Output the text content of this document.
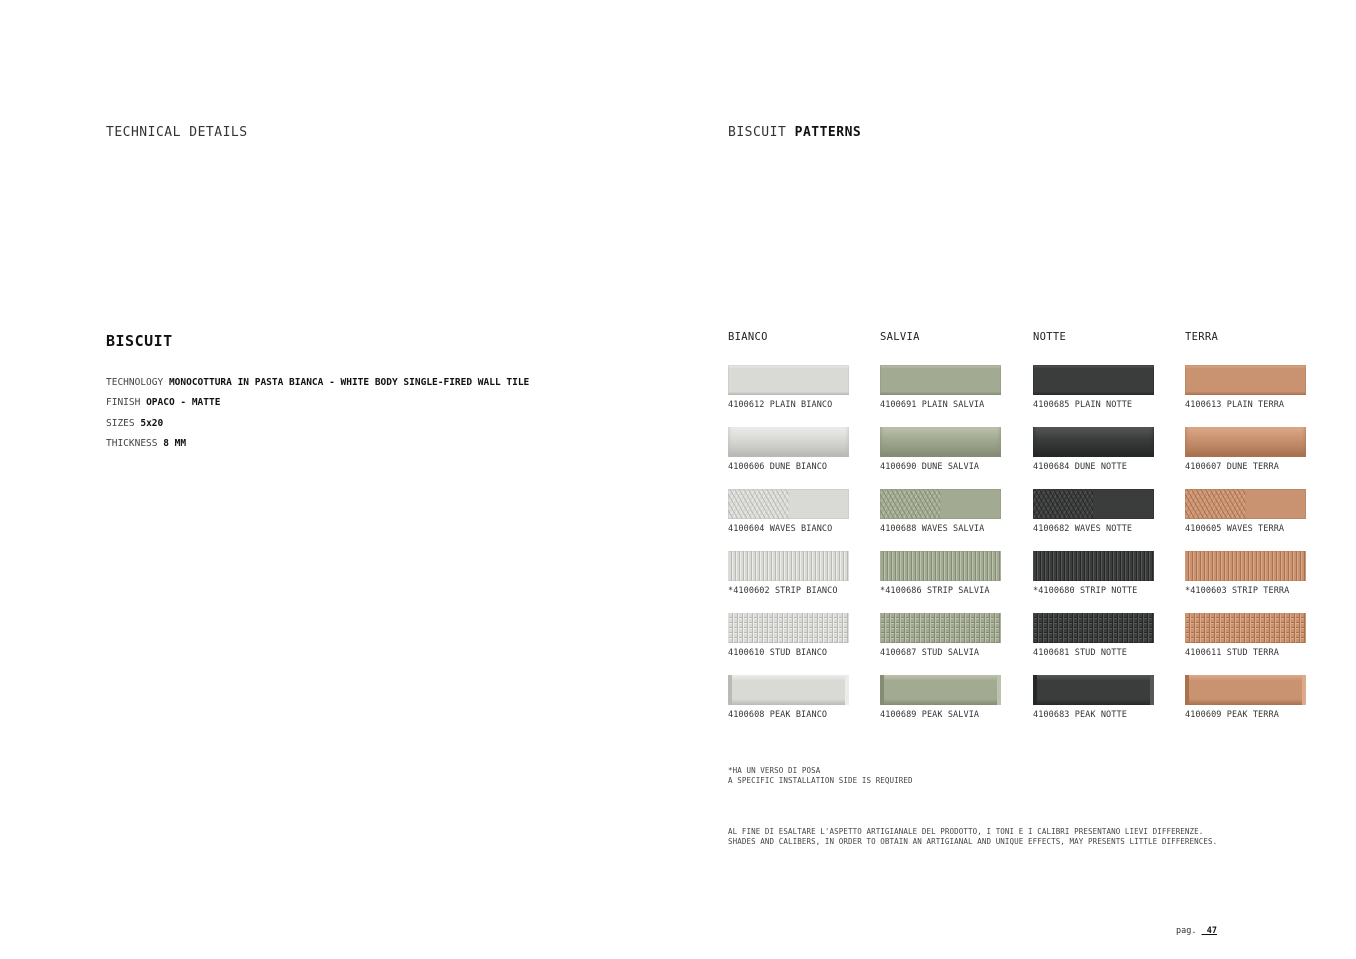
TECHNICAL DETAILS	BISCUIT PATTERNS
BISCUIT
TECHNOLOGY MONOCOTTURA IN PASTA BIANCA - WHITE BODY SINGLE-FIRED WALL TILE
FINISH OPACO - MATTE
SIZES 5x20
THICKNESS 8 MM
BIANCO	SALVIA	NOTTE	TERRA
4100612 PLAIN BIANCO	4100691 PLAIN SALVIA	4100685 PLAIN NOTTE	4100613 PLAIN TERRA
4100606 DUNE BIANCO	4100690 DUNE SALVIA	4100684 DUNE NOTTE	4100607 DUNE TERRA
4100604 WAVES BIANCO	4100688 WAVES SALVIA	4100682 WAVES NOTTE	4100605 WAVES TERRA
*4100602 STRIP BIANCO	*4100686 STRIP SALVIA	*4100680 STRIP NOTTE	*4100603 STRIP TERRA
4100610 STUD BIANCO	4100687 STUD SALVIA	4100681 STUD NOTTE	4100611 STUD TERRA
4100608 PEAK BIANCO	4100689 PEAK SALVIA	4100683 PEAK NOTTE	4100609 PEAK TERRA
*HA UN VERSO DI POSA
A SPECIFIC INSTALLATION SIDE IS REQUIRED
AL FINE DI ESALTARE L'ASPETTO ARTIGIANALE DEL PRODOTTO, I TONI E I CALIBRI PRESENTANO LIEVI DIFFERENZE.
SHADES AND CALIBERS, IN ORDER TO OBTAIN AN ARTIGIANAL AND UNIQUE EFFECTS, MAY PRESENTS LITTLE DIFFERENCES.
pag. _47
